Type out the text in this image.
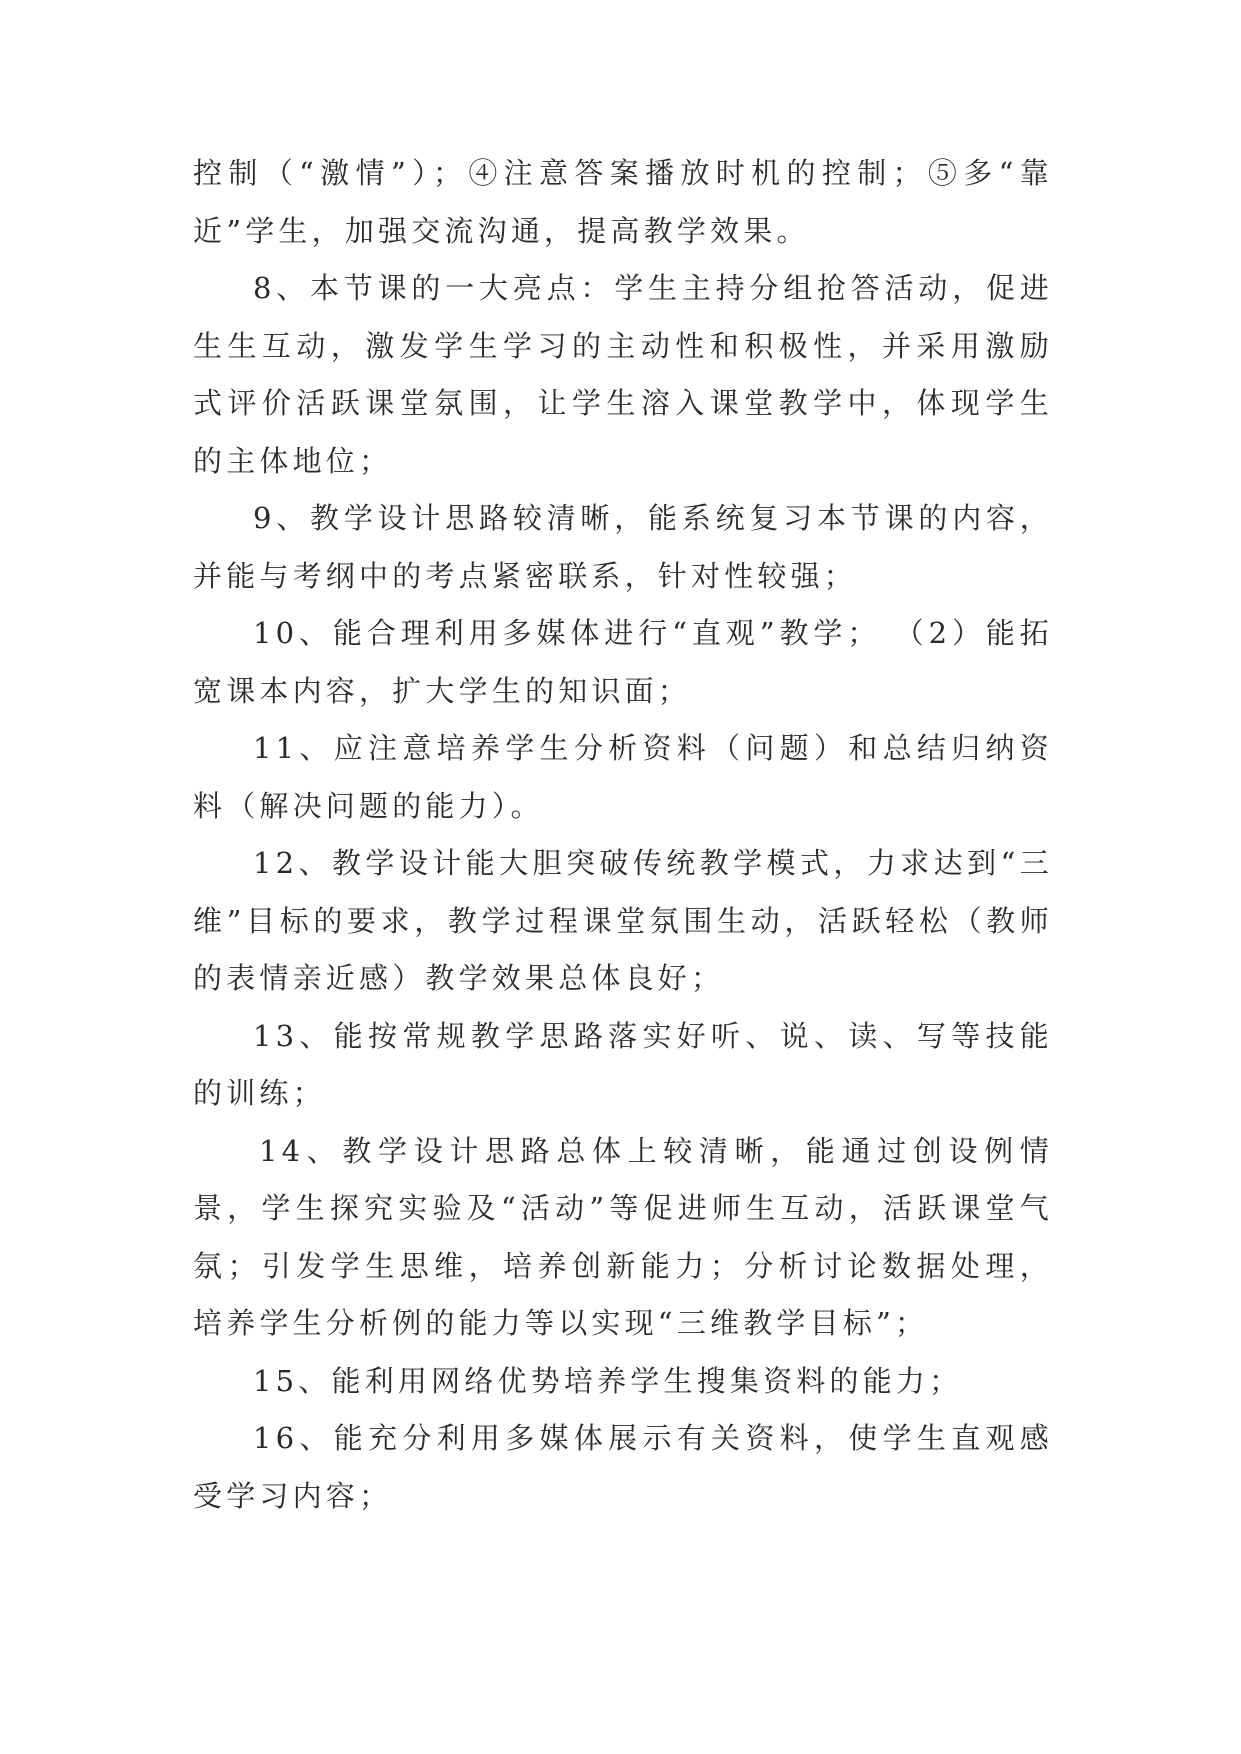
控制（“激情”）；④注意答案播放时机的控制；⑤多“靠近”学生，加强交流沟通，提高教学效果。

8、本节课的一大亮点：学生主持分组抢答活动，促进生生互动，激发学生学习的主动性和积极性，并采用激励式评价活跃课堂氛围，让学生溶入课堂教学中，体现学生的主体地位；

9、教学设计思路较清晰，能系统复习本节课的内容，并能与考纲中的考点紧密联系，针对性较强；

10、能合理利用多媒体进行“直观”教学； （2）能拓宽课本内容，扩大学生的知识面；

11、应注意培养学生分析资料（问题）和总结归纳资料（解决问题的能力）。

12、教学设计能大胆突破传统教学模式，力求达到“三维”目标的要求，教学过程课堂氛围生动，活跃轻松（教师的表情亲近感）教学效果总体良好；

13、能按常规教学思路落实好听、说、读、写等技能的训练；

14、教学设计思路总体上较清晰，能通过创设例情景，学生探究实验及“活动”等促进师生互动，活跃课堂气氛；引发学生思维，培养创新能力；分析讨论数据处理，培养学生分析例的能力等以实现“三维教学目标”；

15、能利用网络优势培养学生搜集资料的能力；

16、能充分利用多媒体展示有关资料，使学生直观感受学习内容；
